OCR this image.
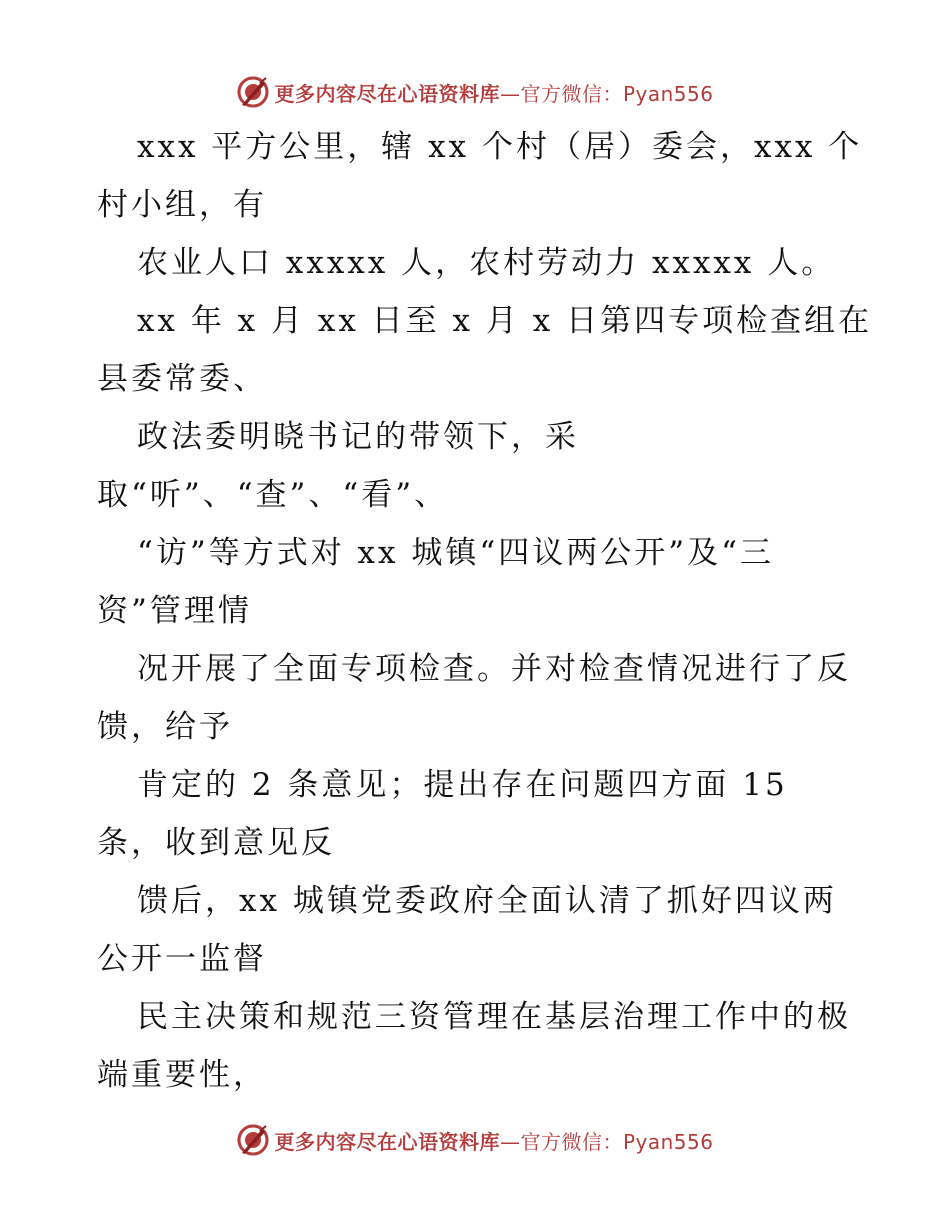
更多内容尽在心语资料库—官方微信：Pyan556
xxx 平方公里，辖 xx 个村（居）委会，xxx 个
村小组，有
农业人口 xxxxx 人，农村劳动力 xxxxx 人。
xx 年 x 月 xx 日至 x 月 x 日第四专项检查组在
县委常委、
政法委明晓书记的带领下，采
取“听”、“查”、“看”、
“访”等方式对 xx 城镇“四议两公开”及“三
资”管理情
况开展了全面专项检查。并对检查情况进行了反
馈，给予
肯定的 2 条意见；提出存在问题四方面 15
条，收到意见反
馈后，xx 城镇党委政府全面认清了抓好四议两
公开一监督
民主决策和规范三资管理在基层治理工作中的极
端重要性，
更多内容尽在心语资料库—官方微信：Pyan556
